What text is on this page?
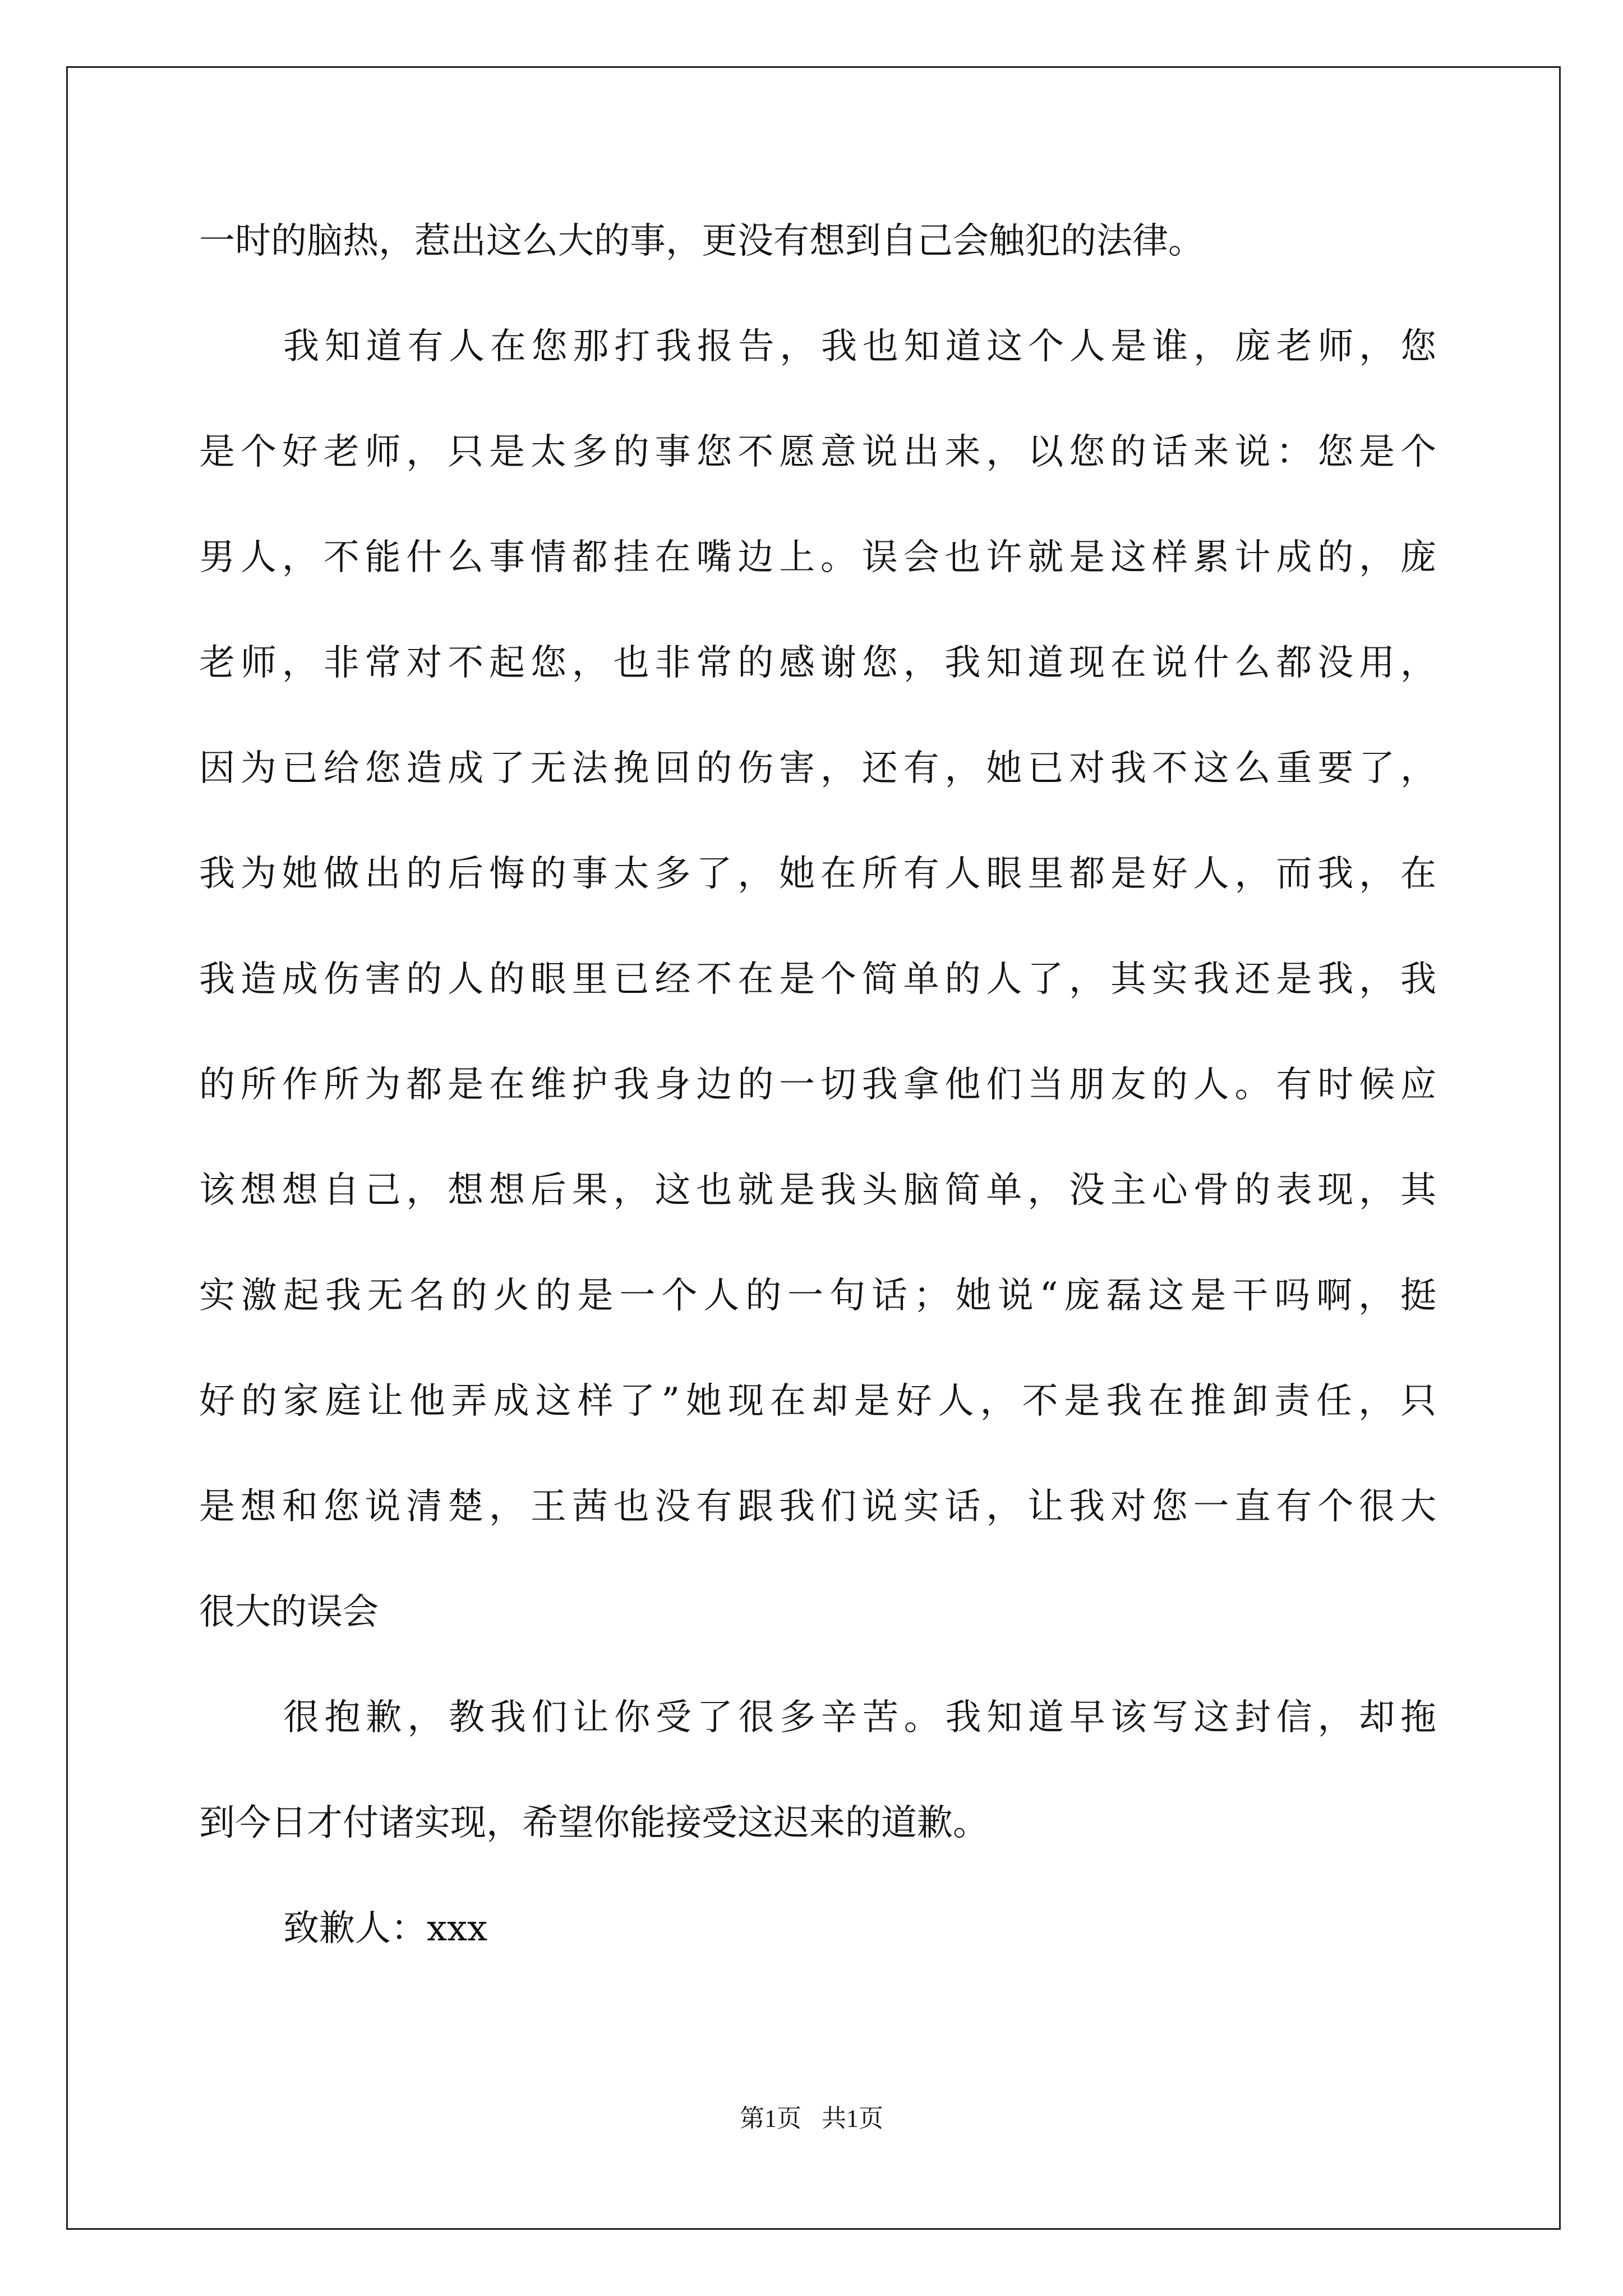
一时的脑热，惹出这么大的事，更没有想到自己会触犯的法律。
我知道有人在您那打我报告，我也知道这个人是谁，庞老师，您
是个好老师，只是太多的事您不愿意说出来，以您的话来说：您是个
男人，不能什么事情都挂在嘴边上。误会也许就是这样累计成的，庞
老师，非常对不起您，也非常的感谢您，我知道现在说什么都没用，
因为已给您造成了无法挽回的伤害，还有，她已对我不这么重要了，
我为她做出的后悔的事太多了，她在所有人眼里都是好人，而我，在
我造成伤害的人的眼里已经不在是个简单的人了，其实我还是我，我
的所作所为都是在维护我身边的一切我拿他们当朋友的人。有时候应
该想想自己，想想后果，这也就是我头脑简单，没主心骨的表现，其
实激起我无名的火的是一个人的一句话；她说“庞磊这是干吗啊，挺
好的家庭让他弄成这样了”她现在却是好人，不是我在推卸责任，只
是想和您说清楚，王茜也没有跟我们说实话，让我对您一直有个很大
很大的误会
很抱歉，教我们让你受了很多辛苦。我知道早该写这封信，却拖
到今日才付诸实现，希望你能接受这迟来的道歉。
致歉人：xxx
第1页 共1页
